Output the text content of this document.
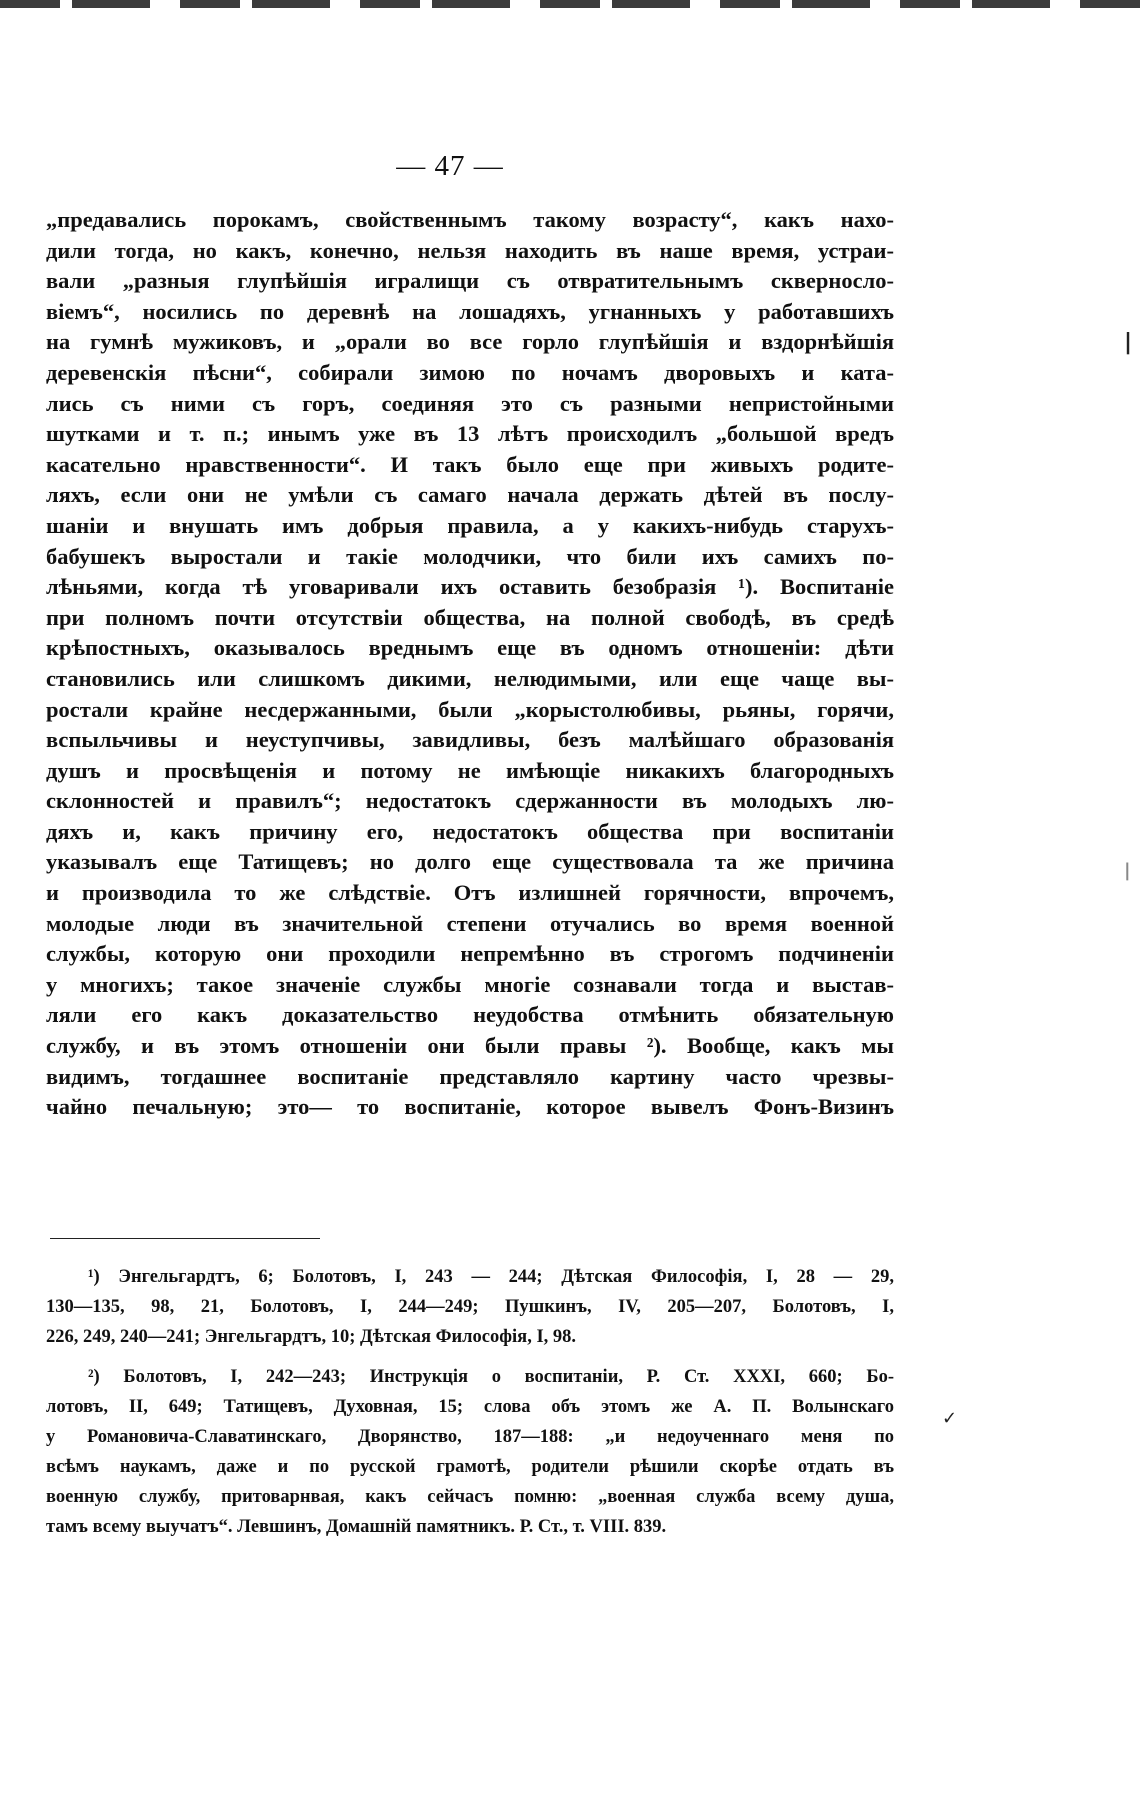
— 47 —
„предавались порокамъ, свойственнымъ такому возрасту“, какъ нахо-
дили тогда, но какъ, конечно, нельзя находить въ наше время, устраи-
вали „разныя глупѣйшія игралищи съ отвратительнымъ сквернослo-
віемъ“, носились по деревнѣ на лошадяхъ, угнанныхъ у работавшихъ
на гумнѣ мужиковъ, и „орали во все горло глупѣйшія и вздорнѣйшія
деревенскія пѣсни“, собирали зимою по ночамъ дворовыхъ и ката-
лись съ ними съ горъ, соединяя это съ разными непристойными
шутками и т. п.; инымъ уже въ 13 лѣтъ происходилъ „большой вредъ
касательно нравственности“. И такъ было еще при живыхъ родите-
ляхъ, если они не умѣли съ самаго начала держать дѣтей въ послу-
шаніи и внушать имъ добрыя правила, а у какихъ-нибудь старухъ-
бабушекъ выростали и такіе молодчики, что били ихъ самихъ по-
лѣньями, когда тѣ уговаривали ихъ оставить безобразія ¹). Воспитаніе
при полномъ почти отсутствіи общества, на полной свободѣ, въ средѣ
крѣпостныхъ, оказывалось вреднымъ еще въ одномъ отношеніи: дѣти
становились или слишкомъ дикими, нелюдимыми, или еще чаще вы-
ростали крайне несдержанными, были „корыстолюбивы, рьяны, горячи,
вспыльчивы и неуступчивы, завидливы, безъ малѣйшаго образованія
душъ и просвѣщенія и потому не имѣющіе никакихъ благородныхъ
склонностей и правилъ“; недостатокъ сдержанности въ молодыхъ лю-
дяхъ и, какъ причину его, недостатокъ общества при воспитаніи
указывалъ еще Татищевъ; но долго еще существовала та же причина
и производила то же слѣдствіе. Отъ излишней горячности, впрочемъ,
молодые люди въ значительной степени отучались во время военной
службы, которую они проходили непремѣнно въ строгомъ подчиненіи
у многихъ; такое значеніе службы многіе сознавали тогда и выстав-
ляли его какъ доказательство неудобства отмѣнить обязательную
службу, и въ этомъ отношеніи они были правы ²). Вообще, какъ мы
видимъ, тогдашнее воспитаніе представляло картину часто чрезвы-
чайно печальную; это— то воспитаніе, которое вывелъ Фонъ-Визинъ
¹) Энгельгардтъ, 6; Болотовъ, I, 243 — 244; Дѣтская Философія, I, 28 — 29,
130—135, 98, 21, Болотовъ, I, 244—249; Пушкинъ, IV, 205—207, Болотовъ, I,
226, 249, 240—241; Энгельгардтъ, 10; Дѣтская Философія, I, 98.
²) Болотовъ, I, 242—243; Инструкція о воспитаніи, Р. Ст. XXXI, 660; Бо-
лотовъ, II, 649; Татищевъ, Духовная, 15; слова объ этомъ же А. П. Волынскаго
у Романовича-Славатинскаго, Дворянство, 187—188: „и недоученнаго меня по
всѣмъ наукамъ, даже и по русской грамотѣ, родители рѣшили скорѣе отдать въ
военную службу, притоварнвая, какъ сейчасъ помню: „военная служба всему душа,
тамъ всему выучатъ“. Левшинъ, Домашній памятникъ. Р. Ст., т. VIII. 839.
|
|
✓
